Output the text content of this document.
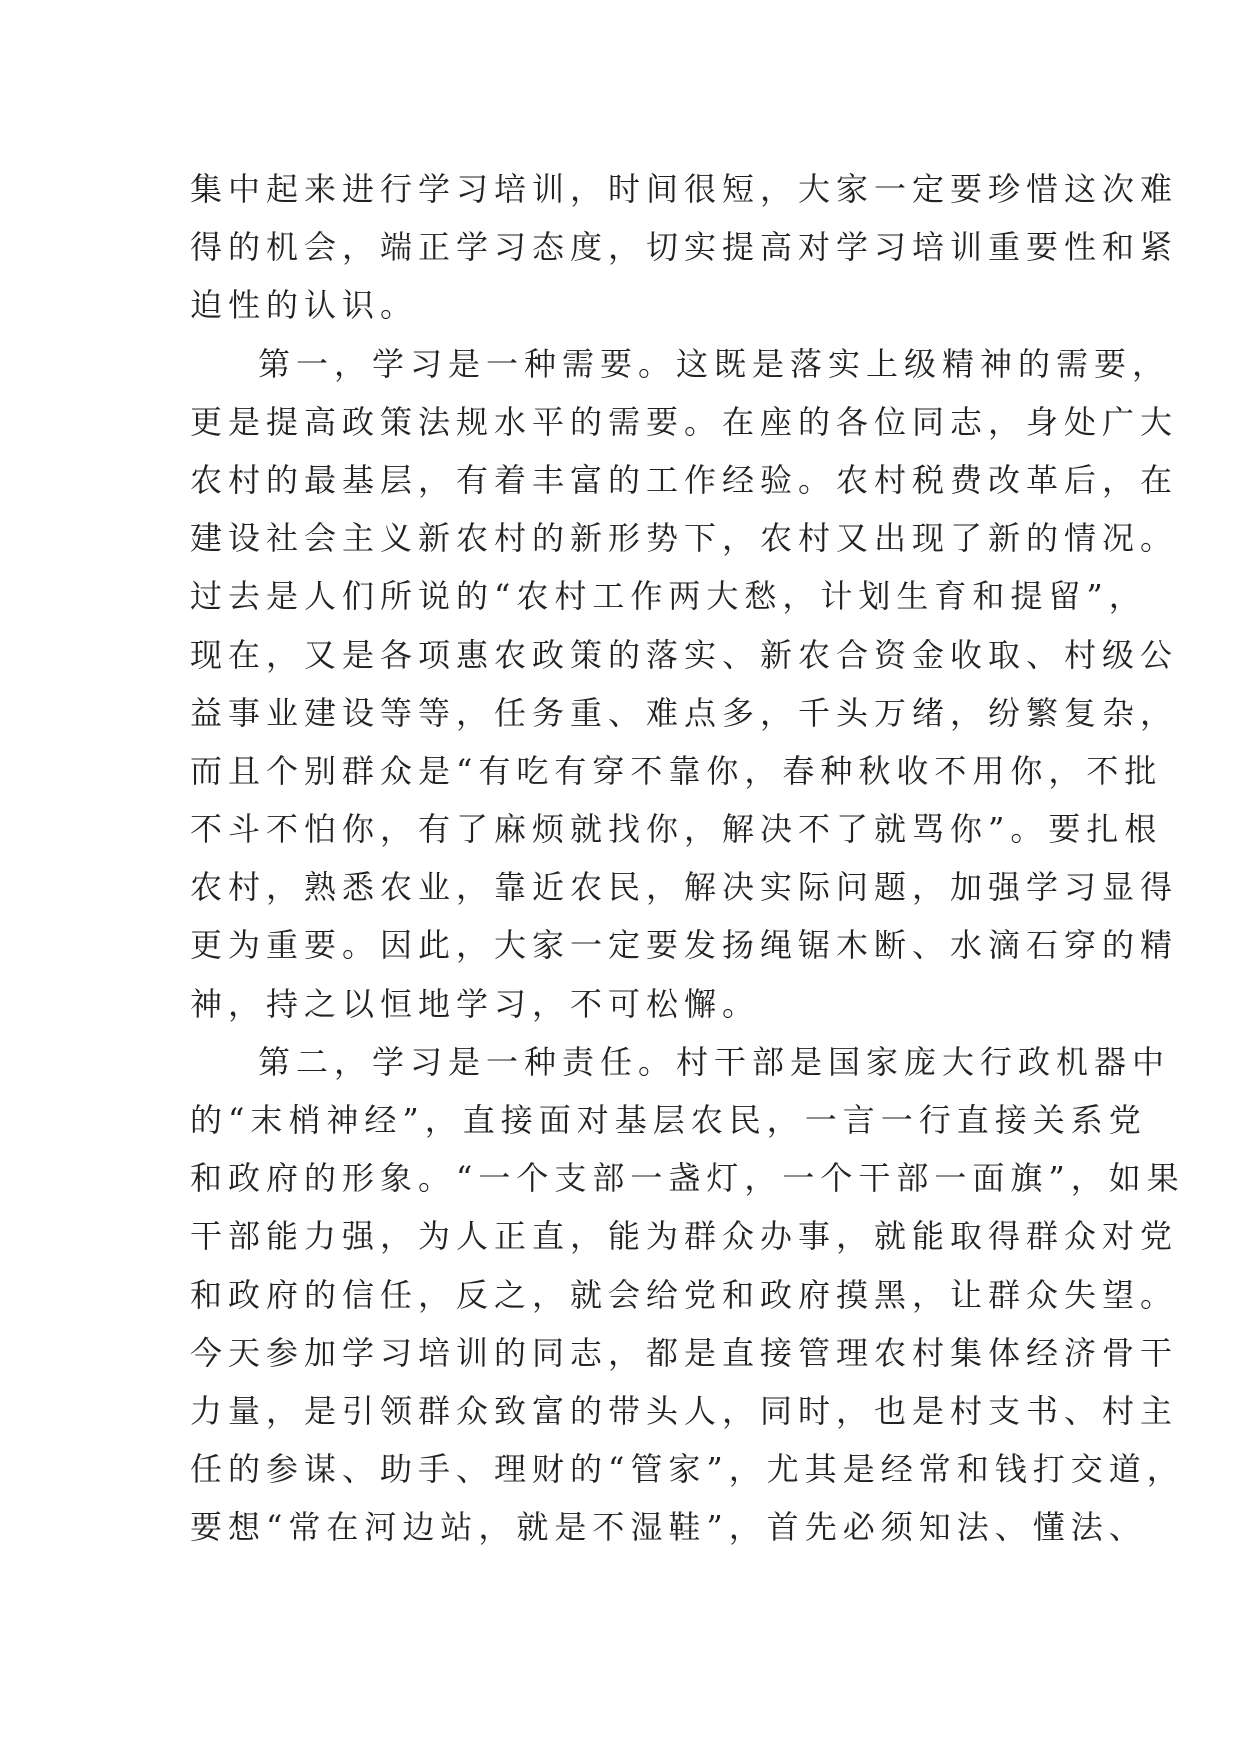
集中起来进行学习培训，时间很短，大家一定要珍惜这次难
得的机会，端正学习态度，切实提高对学习培训重要性和紧
迫性的认识。
第一，学习是一种需要。这既是落实上级精神的需要，
更是提高政策法规水平的需要。在座的各位同志，身处广大
农村的最基层，有着丰富的工作经验。农村税费改革后，在
建设社会主义新农村的新形势下，农村又出现了新的情况。
过去是人们所说的“农村工作两大愁，计划生育和提留”，
现在，又是各项惠农政策的落实、新农合资金收取、村级公
益事业建设等等，任务重、难点多，千头万绪，纷繁复杂，
而且个别群众是“有吃有穿不靠你，春种秋收不用你，不批
不斗不怕你，有了麻烦就找你，解决不了就骂你”。要扎根
农村，熟悉农业，靠近农民，解决实际问题，加强学习显得
更为重要。因此，大家一定要发扬绳锯木断、水滴石穿的精
神，持之以恒地学习，不可松懈。
第二，学习是一种责任。村干部是国家庞大行政机器中
的“末梢神经”，直接面对基层农民，一言一行直接关系党
和政府的形象。“一个支部一盏灯，一个干部一面旗”，如果
干部能力强，为人正直，能为群众办事，就能取得群众对党
和政府的信任，反之，就会给党和政府摸黑，让群众失望。
今天参加学习培训的同志，都是直接管理农村集体经济骨干
力量，是引领群众致富的带头人，同时，也是村支书、村主
任的参谋、助手、理财的“管家”，尤其是经常和钱打交道，
要想“常在河边站，就是不湿鞋”，首先必须知法、懂法、
